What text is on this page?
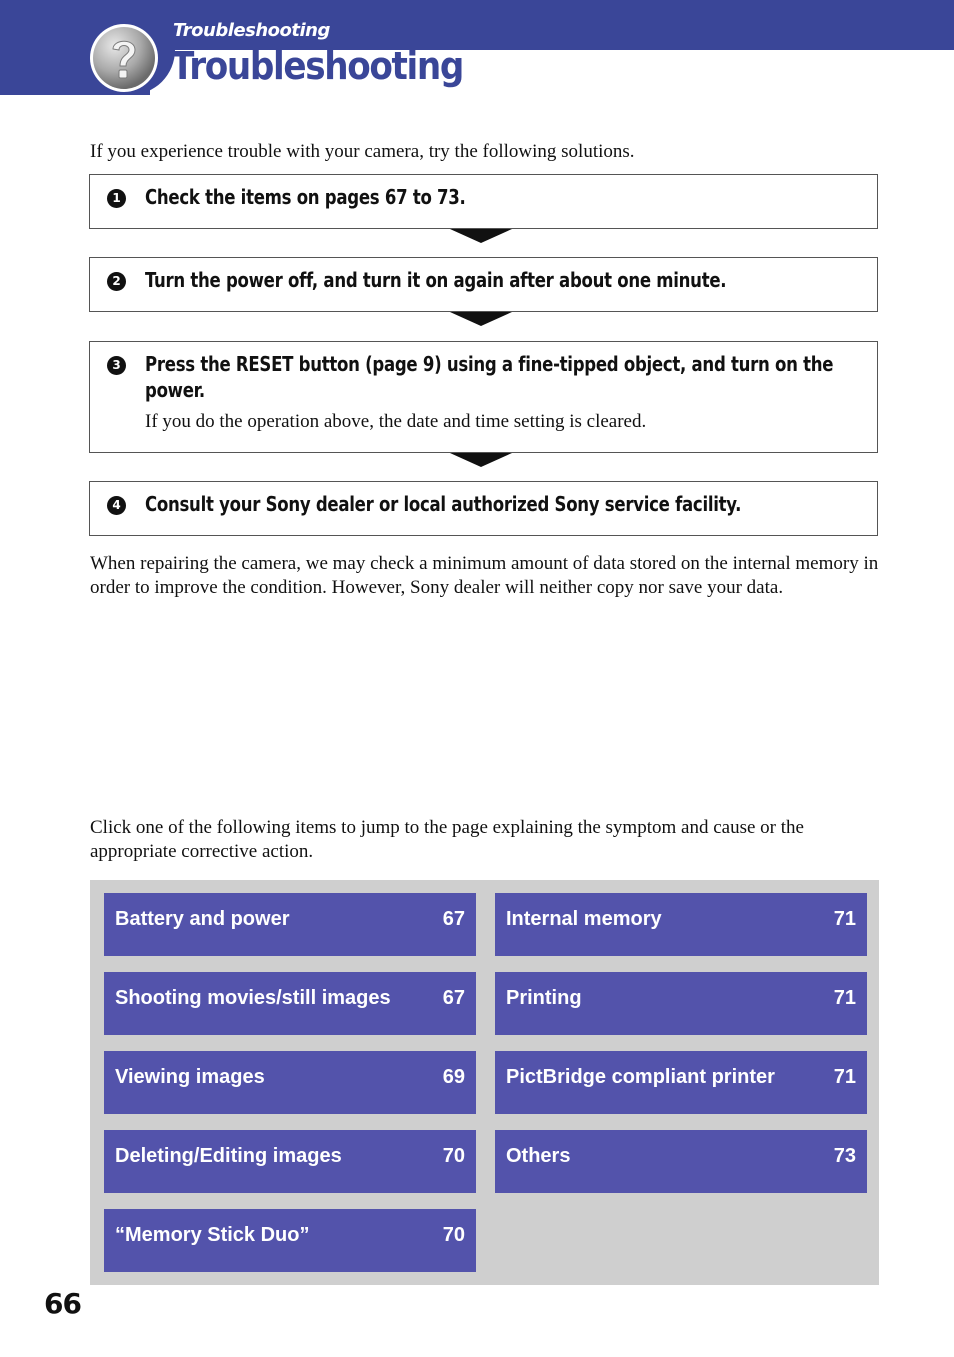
Troubleshooting
Troubleshooting
If you experience trouble with your camera, try the following solutions.
1 Check the items on pages 67 to 73.
2 Turn the power off, and turn it on again after about one minute.
3 Press the RESET button (page 9) using a fine-tipped object, and turn on the power.
If you do the operation above, the date and time setting is cleared.
4 Consult your Sony dealer or local authorized Sony service facility.
When repairing the camera, we may check a minimum amount of data stored on the internal memory in order to improve the condition. However, Sony dealer will neither copy nor save your data.
Click one of the following items to jump to the page explaining the symptom and cause or the appropriate corrective action.
Battery and power	67
Shooting movies/still images	67
Viewing images	69
Deleting/Editing images	70
“Memory Stick Duo”	70
Internal memory	71
Printing	71
PictBridge compliant printer	71
Others	73
66
